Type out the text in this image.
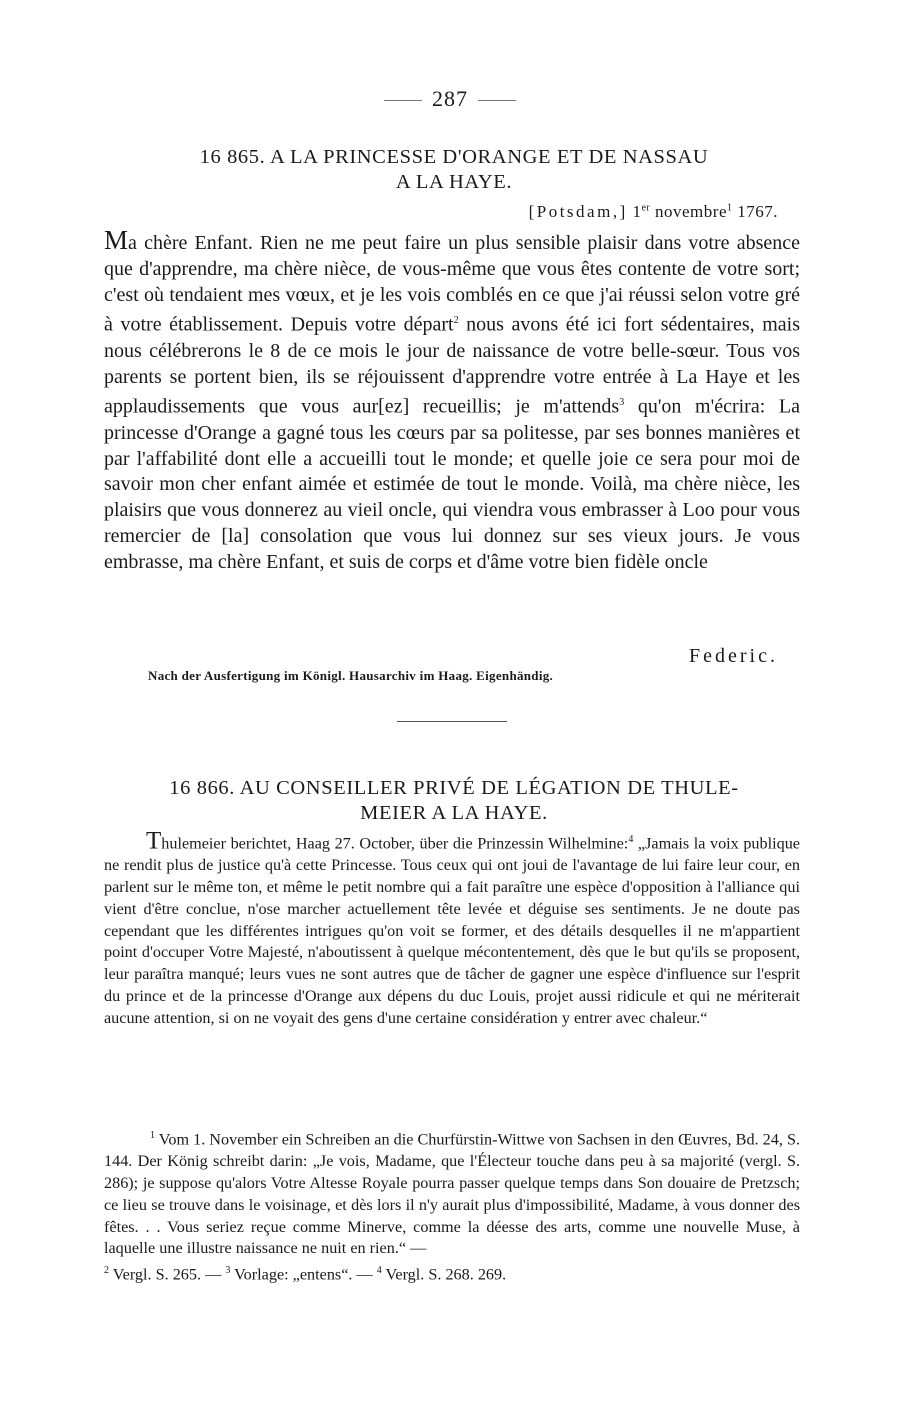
287
16 865. A LA PRINCESSE D'ORANGE ET DE NASSAU
A LA HAYE.
[Potsdam,] 1er novembre$^1$ 1767.
Ma chère Enfant. Rien ne me peut faire un plus sensible plaisir dans votre absence que d'apprendre, ma chère nièce, de vous-même que vous êtes contente de votre sort; c'est où tendaient mes vœux, et je les vois comblés en ce que j'ai réussi selon votre gré à votre établissement. Depuis votre départ$^2$ nous avons été ici fort sédentaires, mais nous célébrerons le 8 de ce mois le jour de naissance de votre belle-sœur. Tous vos parents se portent bien, ils se réjouissent d'apprendre votre entrée à La Haye et les applaudissements que vous aur[ez] recueillis; je m'attends$^3$ qu'on m'écrira: La princesse d'Orange a gagné tous les cœurs par sa politesse, par ses bonnes manières et par l'affabilité dont elle a accueilli tout le monde; et quelle joie ce sera pour moi de savoir mon cher enfant aimée et estimée de tout le monde. Voilà, ma chère nièce, les plaisirs que vous donnerez au vieil oncle, qui viendra vous embrasser à Loo pour vous remercier de [la] consolation que vous lui donnez sur ses vieux jours. Je vous embrasse, ma chère Enfant, et suis de corps et d'âme votre bien fidèle oncle
Federic.
Nach der Ausfertigung im Königl. Hausarchiv im Haag. Eigenhändig.
16 866. AU CONSEILLER PRIVÉ DE LÉGATION DE THULE-
MEIER A LA HAYE.
Thulemeier berichtet, Haag 27. October, über die Prinzessin Wilhelmine:$^4$ „Jamais la voix publique ne rendit plus de justice qu'à cette Princesse. Tous ceux qui ont joui de l'avantage de lui faire leur cour, en parlent sur le même ton, et même le petit nombre qui a fait paraître une espèce d'opposition à l'alliance qui vient d'être conclue, n'ose marcher actuellement tête levée et déguise ses sentiments. Je ne doute pas cependant que les différentes intrigues qu'on voit se former, et des détails desquelles il ne m'appartient point d'occuper Votre Majesté, n'aboutissent à quelque mécontentement, dès que le but qu'ils se proposent, leur paraîtra manqué; leurs vues ne sont autres que de tâcher de gagner une espèce d'influence sur l'esprit du prince et de la princesse d'Orange aux dépens du duc Louis, projet aussi ridicule et qui ne mériterait aucune attention, si on ne voyait des gens d'une certaine considération y entrer avec chaleur.“

$^1$ Vom 1. November ein Schreiben an die Churfürstin-Wittwe von Sachsen in den Œuvres, Bd. 24, S. 144. Der König schreibt darin: „Je vois, Madame, que l'Électeur touche dans peu à sa majorité (vergl. S. 286); je suppose qu'alors Votre Altesse Royale pourra passer quelque temps dans Son douaire de Pretzsch; ce lieu se trouve dans le voisinage, et dès lors il n'y aurait plus d'impossibilité, Madame, à vous donner des fêtes. . . Vous seriez reçue comme Minerve, comme la déesse des arts, comme une nouvelle Muse, à laquelle une illustre naissance ne nuit en rien.“ —

$^2$ Vergl. S. 265. — $^3$ Vorlage: „entens“. — $^4$ Vergl. S. 268. 269.
